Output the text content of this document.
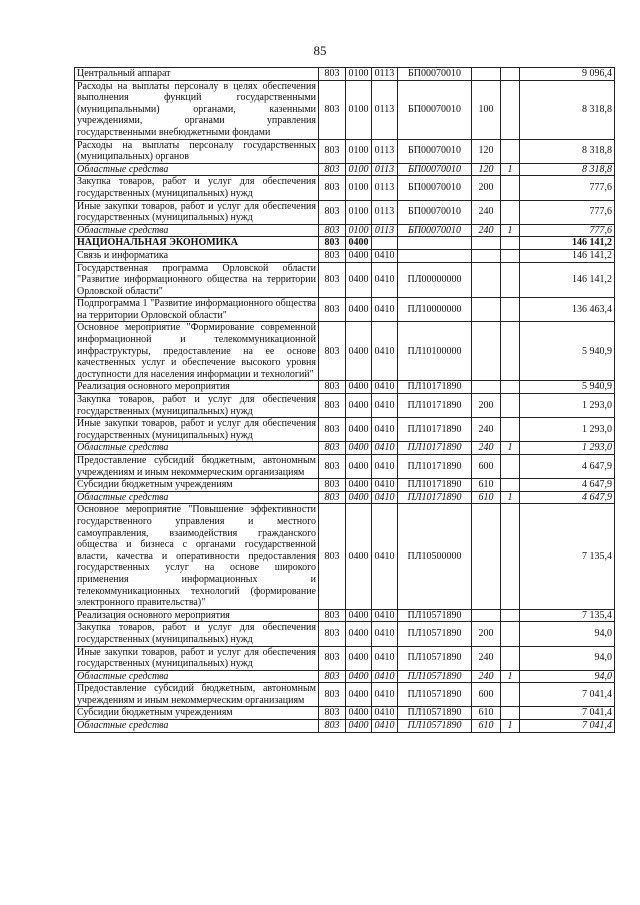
85
Центральный аппарат	803	0100	0113	БП00070010			9 096,4
Расходы на выплаты персоналу в целях обеспечения выполнения функций государственными (муниципальными) органами, казенными учреждениями, органами управления государственными внебюджетными фондами	803	0100	0113	БП00070010	100		8 318,8
Расходы на выплаты персоналу государственных (муниципальных) органов	803	0100	0113	БП00070010	120		8 318,8
Областные средства	803	0100	0113	БП00070010	120	1	8 318,8
Закупка товаров, работ и услуг для обеспечения государственных (муниципальных) нужд	803	0100	0113	БП00070010	200		777,6
Иные закупки товаров, работ и услуг для обеспечения государственных (муниципальных) нужд	803	0100	0113	БП00070010	240		777,6
Областные средства	803	0100	0113	БП00070010	240	1	777,6
НАЦИОНАЛЬНАЯ ЭКОНОМИКА	803	0400					146 141,2
Связь и информатика	803	0400	0410				146 141,2
Государственная программа Орловской области "Развитие информационного общества на территории Орловской области"	803	0400	0410	ПЛ00000000			146 141,2
Подпрограмма 1 "Развитие информационного общества на территории Орловской области"	803	0400	0410	ПЛ10000000			136 463,4
Основное мероприятие "Формирование современной информационной и телекоммуникационной инфраструктуры, предоставление на ее основе качественных услуг и обеспечение высокого уровня доступности для населения информации и технологий"	803	0400	0410	ПЛ10100000			5 940,9
Реализация основного мероприятия	803	0400	0410	ПЛ10171890			5 940,9
Закупка товаров, работ и услуг для обеспечения государственных (муниципальных) нужд	803	0400	0410	ПЛ10171890	200		1 293,0
Иные закупки товаров, работ и услуг для обеспечения государственных (муниципальных) нужд	803	0400	0410	ПЛ10171890	240		1 293,0
Областные средства	803	0400	0410	ПЛ10171890	240	1	1 293,0
Предоставление субсидий бюджетным, автономным учреждениям и иным некоммерческим организациям	803	0400	0410	ПЛ10171890	600		4 647,9
Субсидии бюджетным учреждениям	803	0400	0410	ПЛ10171890	610		4 647,9
Областные средства	803	0400	0410	ПЛ10171890	610	1	4 647,9
Основное мероприятие "Повышение эффективности государственного управления и местного самоуправления, взаимодействия гражданского общества и бизнеса с органами государственной власти, качества и оперативности предоставления государственных услуг на основе широкого применения информационных и телекоммуникационных технологий (формирование электронного правительства)"	803	0400	0410	ПЛ10500000			7 135,4
Реализация основного мероприятия	803	0400	0410	ПЛ10571890			7 135,4
Закупка товаров, работ и услуг для обеспечения государственных (муниципальных) нужд	803	0400	0410	ПЛ10571890	200		94,0
Иные закупки товаров, работ и услуг для обеспечения государственных (муниципальных) нужд	803	0400	0410	ПЛ10571890	240		94,0
Областные средства	803	0400	0410	ПЛ10571890	240	1	94,0
Предоставление субсидий бюджетным, автономным учреждениям и иным некоммерческим организациям	803	0400	0410	ПЛ10571890	600		7 041,4
Субсидии бюджетным учреждениям	803	0400	0410	ПЛ10571890	610		7 041,4
Областные средства	803	0400	0410	ПЛ10571890	610	1	7 041,4
